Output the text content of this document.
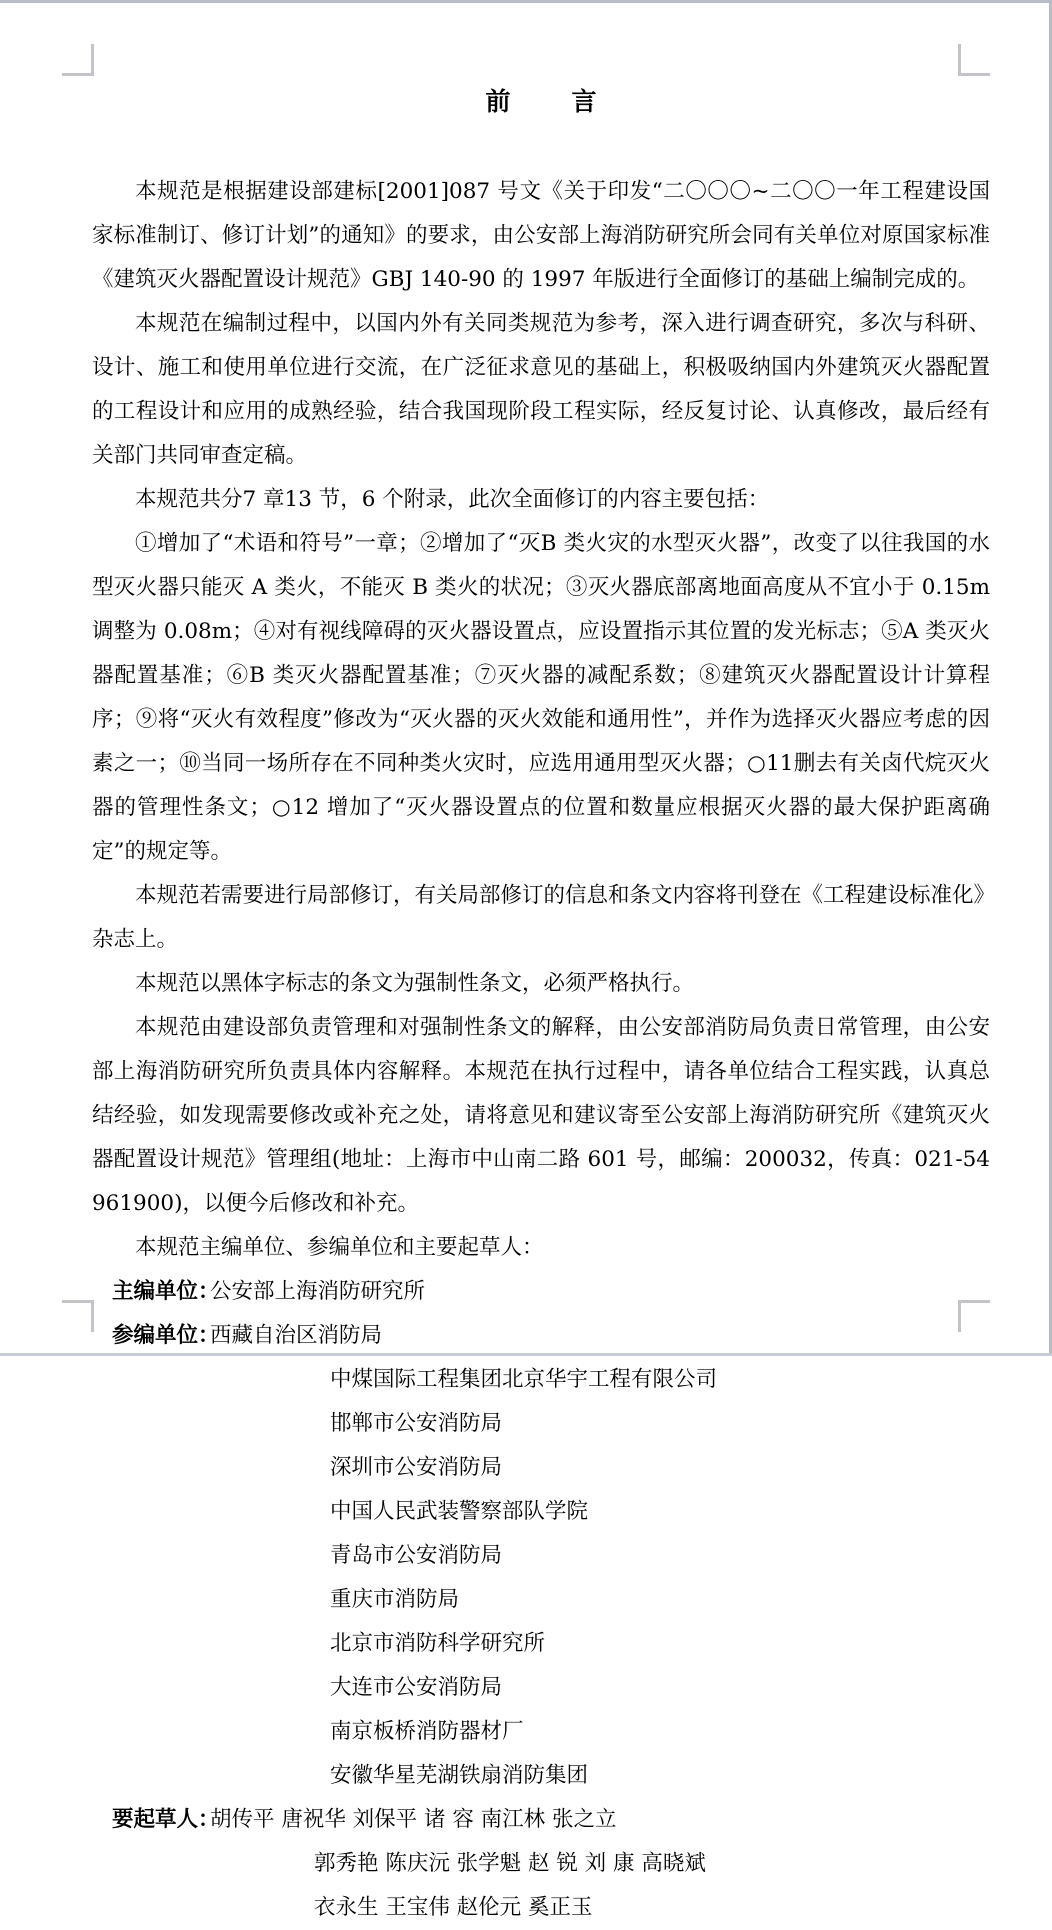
前　言

本规范是根据建设部建标[2001]087 号文《关于印发“二〇〇〇~二〇〇一年工程建设国家标准制订、修订计划”的通知》的要求，由公安部上海消防研究所会同有关单位对原国家标准《建筑灭火器配置设计规范》GBJ 140-90 的 1997 年版进行全面修订的基础上编制完成的。

本规范在编制过程中，以国内外有关同类规范为参考，深入进行调查研究，多次与科研、设计、施工和使用单位进行交流，在广泛征求意见的基础上，积极吸纳国内外建筑灭火器配置的工程设计和应用的成熟经验，结合我国现阶段工程实际，经反复讨论、认真修改，最后经有关部门共同审查定稿。

本规范共分7 章13 节，6 个附录，此次全面修订的内容主要包括：

①增加了“术语和符号”一章；②增加了“灭B 类火灾的水型灭火器”，改变了以往我国的水型灭火器只能灭 A 类火，不能灭 B 类火的状况；③灭火器底部离地面高度从不宜小于 0.15m 调整为 0.08m；④对有视线障碍的灭火器设置点，应设置指示其位置的发光标志；⑤A 类灭火器配置基准；⑥B 类灭火器配置基准；⑦灭火器的减配系数；⑧建筑灭火器配置设计计算程序；⑨将“灭火有效程度”修改为“灭火器的灭火效能和通用性”，并作为选择灭火器应考虑的因素之一；⑩当同一场所存在不同种类火灾时，应选用通用型灭火器；○11删去有关卤代烷灭火器的管理性条文；○12 增加了“灭火器设置点的位置和数量应根据灭火器的最大保护距离确定”的规定等。

本规范若需要进行局部修订，有关局部修订的信息和条文内容将刊登在《工程建设标准化》杂志上。

本规范以黑体字标志的条文为强制性条文，必须严格执行。

本规范由建设部负责管理和对强制性条文的解释，由公安部消防局负责日常管理，由公安部上海消防研究所负责具体内容解释。本规范在执行过程中，请各单位结合工程实践，认真总结经验，如发现需要修改或补充之处，请将意见和建议寄至公安部上海消防研究所《建筑灭火器配置设计规范》管理组(地址：上海市中山南二路 601 号，邮编：200032，传真：021-54961900)，以便今后修改和补充。

本规范主编单位、参编单位和主要起草人：

主编单位：
公安部上海消防研究所
参编单位：
西藏自治区消防局
中煤国际工程集团北京华宇工程有限公司
邯郸市公安消防局
深圳市公安消防局
中国人民武装警察部队学院
青岛市公安消防局
重庆市消防局
北京市消防科学研究所
大连市公安消防局
南京板桥消防器材厂
安徽华星芜湖铁扇消防集团
要起草人：
胡传平 唐祝华 刘保平 诸 容 南江林 张之立
郭秀艳 陈庆沅 张学魁 赵 锐 刘 康 高晓斌
衣永生 王宝伟 赵伦元 奚正玉
